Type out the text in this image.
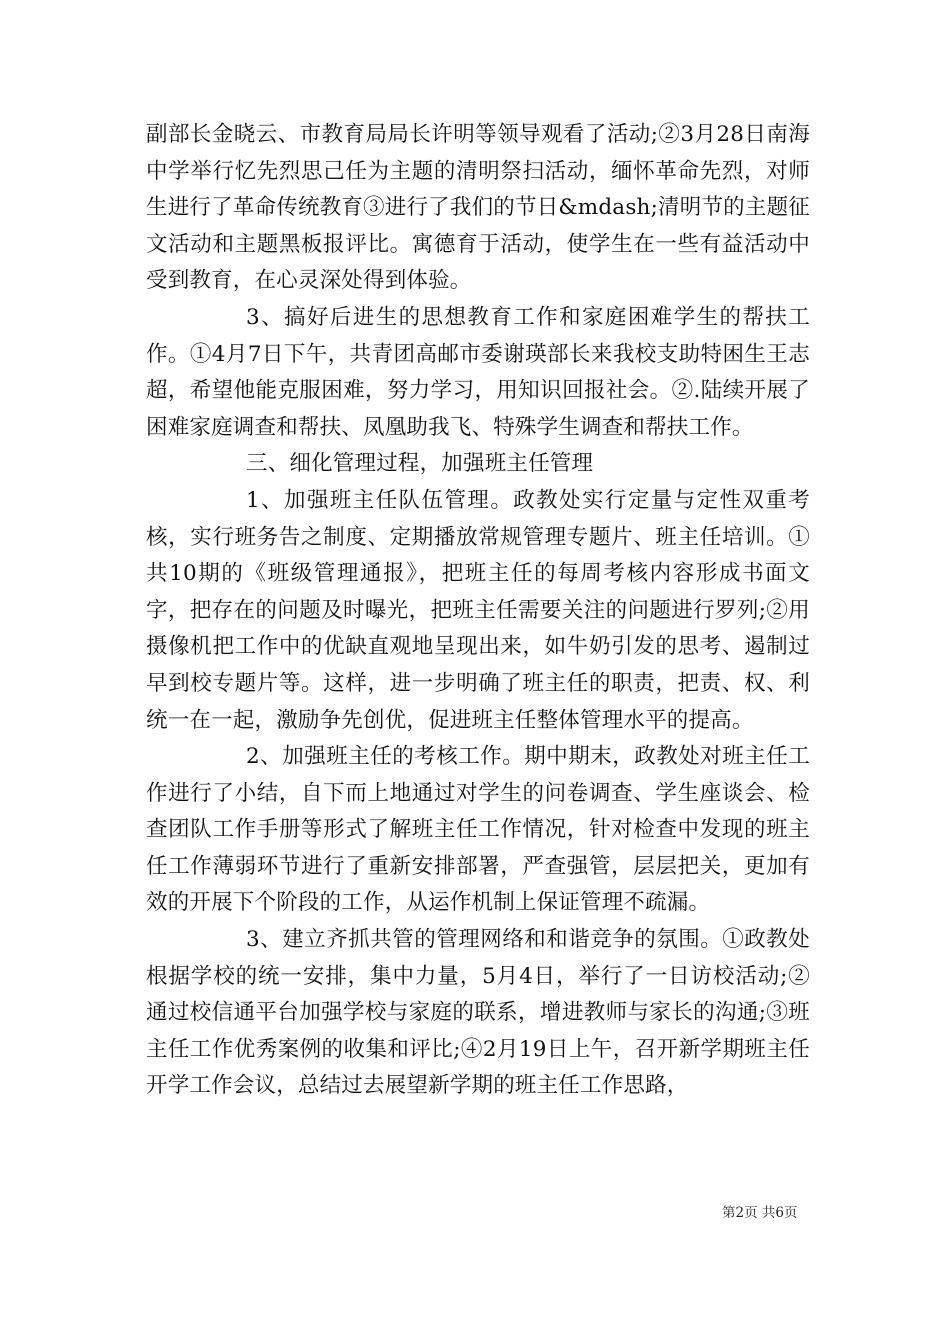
副部长金晓云、市教育局局长许明等领导观看了活动;②3月28日南海中学举行忆先烈思己任为主题的清明祭扫活动，缅怀革命先烈，对师生进行了革命传统教育③进行了我们的节日&mdash;清明节的主题征文活动和主题黑板报评比。寓德育于活动，使学生在一些有益活动中受到教育，在心灵深处得到体验。

3、搞好后进生的思想教育工作和家庭困难学生的帮扶工作。①4月7日下午，共青团高邮市委谢瑛部长来我校支助特困生王志超，希望他能克服困难，努力学习，用知识回报社会。②.陆续开展了困难家庭调查和帮扶、凤凰助我飞、特殊学生调查和帮扶工作。

三、细化管理过程，加强班主任管理

1、加强班主任队伍管理。政教处实行定量与定性双重考核，实行班务告之制度、定期播放常规管理专题片、班主任培训。①共10期的《班级管理通报》，把班主任的每周考核内容形成书面文字，把存在的问题及时曝光，把班主任需要关注的问题进行罗列;②用摄像机把工作中的优缺直观地呈现出来，如牛奶引发的思考、遏制过早到校专题片等。这样，进一步明确了班主任的职责，把责、权、利统一在一起，激励争先创优，促进班主任整体管理水平的提高。

2、加强班主任的考核工作。期中期末，政教处对班主任工作进行了小结，自下而上地通过对学生的问卷调查、学生座谈会、检查团队工作手册等形式了解班主任工作情况，针对检查中发现的班主任工作薄弱环节进行了重新安排部署，严查强管，层层把关，更加有效的开展下个阶段的工作，从运作机制上保证管理不疏漏。

3、建立齐抓共管的管理网络和和谐竞争的氛围。①政教处根据学校的统一安排，集中力量，5月4日，举行了一日访校活动;②通过校信通平台加强学校与家庭的联系，增进教师与家长的沟通;③班主任工作优秀案例的收集和评比;④2月19日上午，召开新学期班主任开学工作会议，总结过去展望新学期的班主任工作思路，

第2页 共6页
